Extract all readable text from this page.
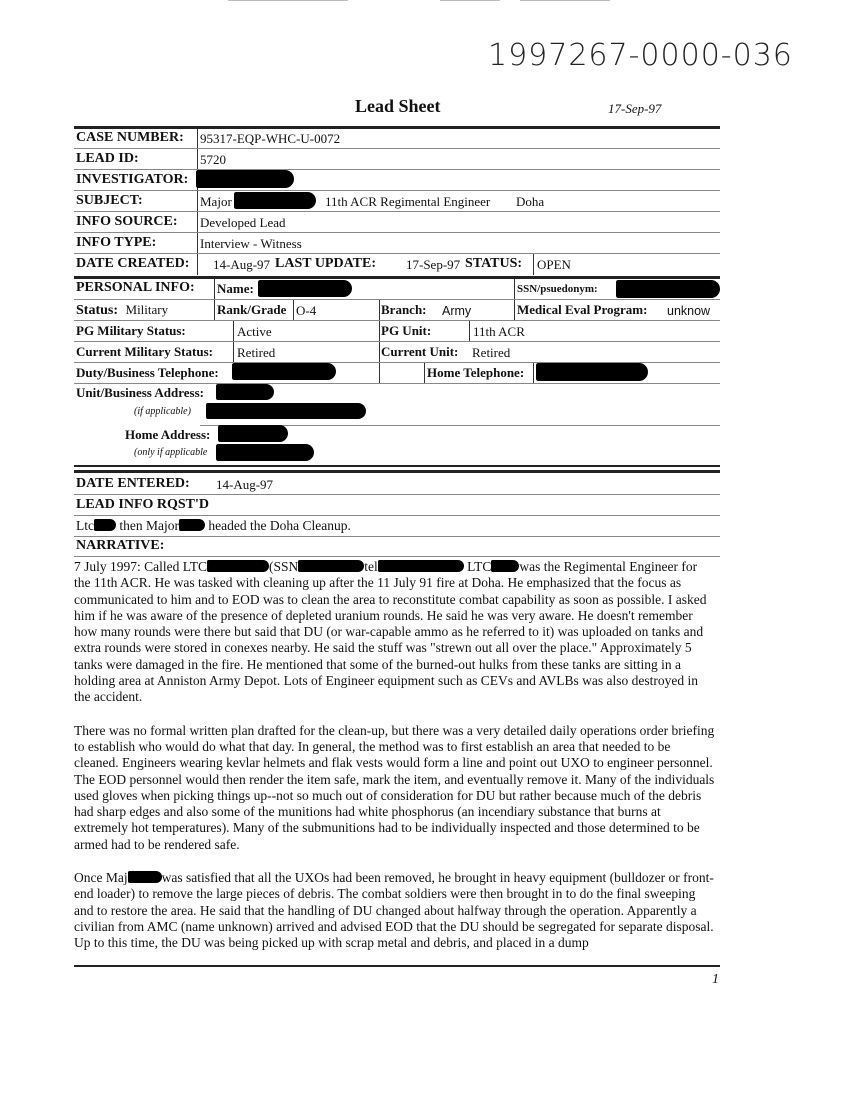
1997267-0000-036
Lead Sheet	17-Sep-97
CASE NUMBER: 95317-EQP-WHC-U-0072
LEAD ID:	5720
INVESTIGATOR:
SUBJECT:	Major	11th ACR Regimental Engineer Doha
INFO SOURCE: Developed Lead
INFO TYPE:	Interview - Witness
DATE CREATED: 14-Aug-97 LAST UPDATE: 17-Sep-97 STATUS: OPEN
PERSONAL INFO: Name:	SSN/psuedonym:
Status: Military	Rank/Grade O-4	Branch: Army	Medical Eval Program: unknow
PG Military Status:	Active	PG Unit:	11th ACR
Current Military Status: Retired	Current Unit: Retired
Duty/Business Telephone:	Home Telephone:
Unit/Business Address:
(if applicable)
Home Address:
(only if applicable
DATE ENTERED: 14-Aug-97
LEAD INFO RQST'D
Ltc then Major headed the Doha Cleanup.
NARRATIVE:

7 July 1997: Called LTC	(SSN	tel	LTC was the Regimental Engineer for the 11th ACR. He was tasked with cleaning up after the 11 July 91 fire at Doha. He emphasized that the focus as communicated to him and to EOD was to clean the area to reconstitute combat capability as soon as possible. I asked him if he was aware of the presence of depleted uranium rounds. He said he was very aware. He doesn't remember how many rounds were there but said that DU (or war-capable ammo as he referred to it) was uploaded on tanks and extra rounds were stored in conexes nearby. He said the stuff was "strewn out all over the place." Approximately 5 tanks were damaged in the fire. He mentioned that some of the burned-out hulks from these tanks are sitting in a holding area at Anniston Army Depot. Lots of Engineer equipment such as CEVs and AVLBs was also destroyed in the accident.

There was no formal written plan drafted for the clean-up, but there was a very detailed daily operations order briefing to establish who would do what that day. In general, the method was to first establish an area that needed to be cleaned. Engineers wearing kevlar helmets and flak vests would form a line and point out UXO to engineer personnel. The EOD personnel would then render the item safe, mark the item, and eventually remove it. Many of the individuals used gloves when picking things up--not so much out of consideration for DU but rather because much of the debris had sharp edges and also some of the munitions had white phosphorus (an incendiary substance that burns at extremely hot temperatures). Many of the submunitions had to be individually inspected and those determined to be armed had to be rendered safe.

Once Maj	was satisfied that all the UXOs had been removed, he brought in heavy equipment (bulldozer or front-end loader) to remove the large pieces of debris. The combat soldiers were then brought in to do the final sweeping and to restore the area. He said that the handling of DU changed about halfway through the operation. Apparently a civilian from AMC (name unknown) arrived and advised EOD that the DU should be segregated for separate disposal. Up to this time, the DU was being picked up with scrap metal and debris, and placed in a dump

1
